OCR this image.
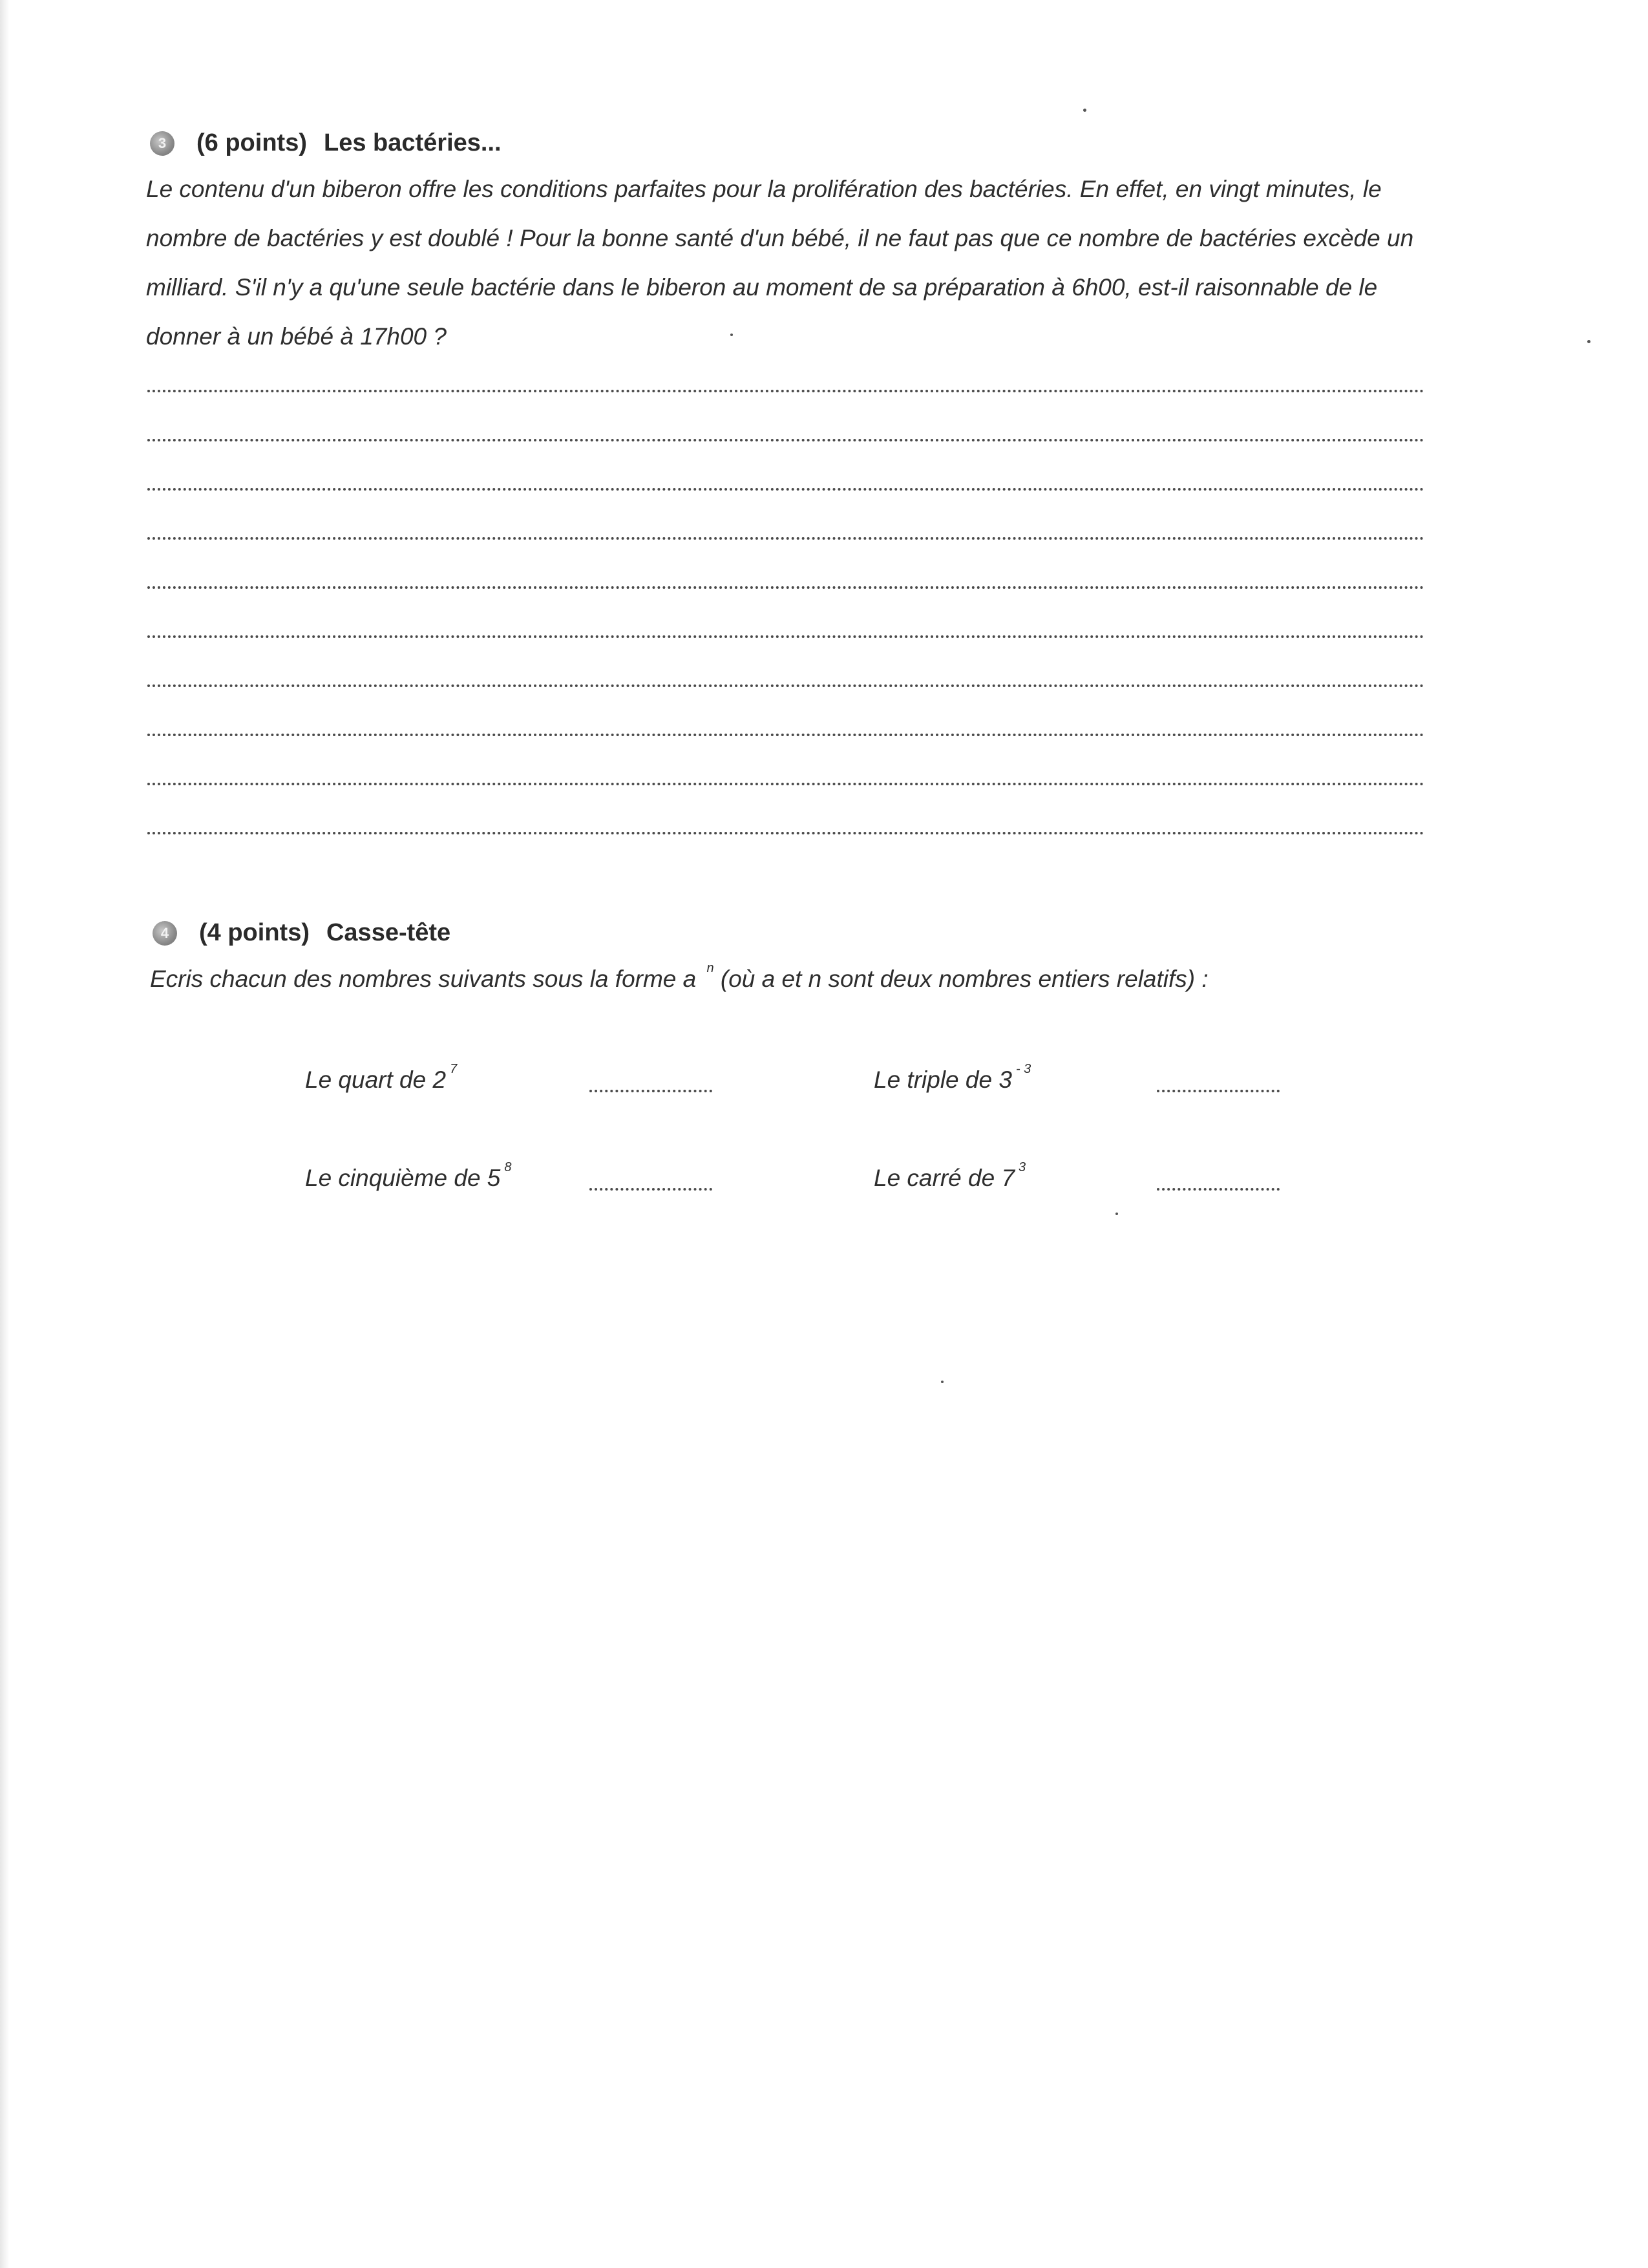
3	(6 points) Les bactéries...

Le contenu d'un biberon offre les conditions parfaites pour la prolifération des bactéries. En effet, en vingt minutes, le

nombre de bactéries y est doublé ! Pour la bonne santé d'un bébé, il ne faut pas que ce nombre de bactéries excède un

milliard. S'il n'y a qu'une seule bactérie dans le biberon au moment de sa préparation à 6h00, est-il raisonnable de le

donner à un bébé à 17h00 ?

4	(4 points) Casse-tête
Ecris chacun des nombres suivants sous la forme a $^n$ (où a et n sont deux nombres entiers relatifs) :
Le quart de 2 $^7$	Le triple de 3 $^{- 3}$
Le cinquième de 5 $^8$	Le carré de 7 $^3$
